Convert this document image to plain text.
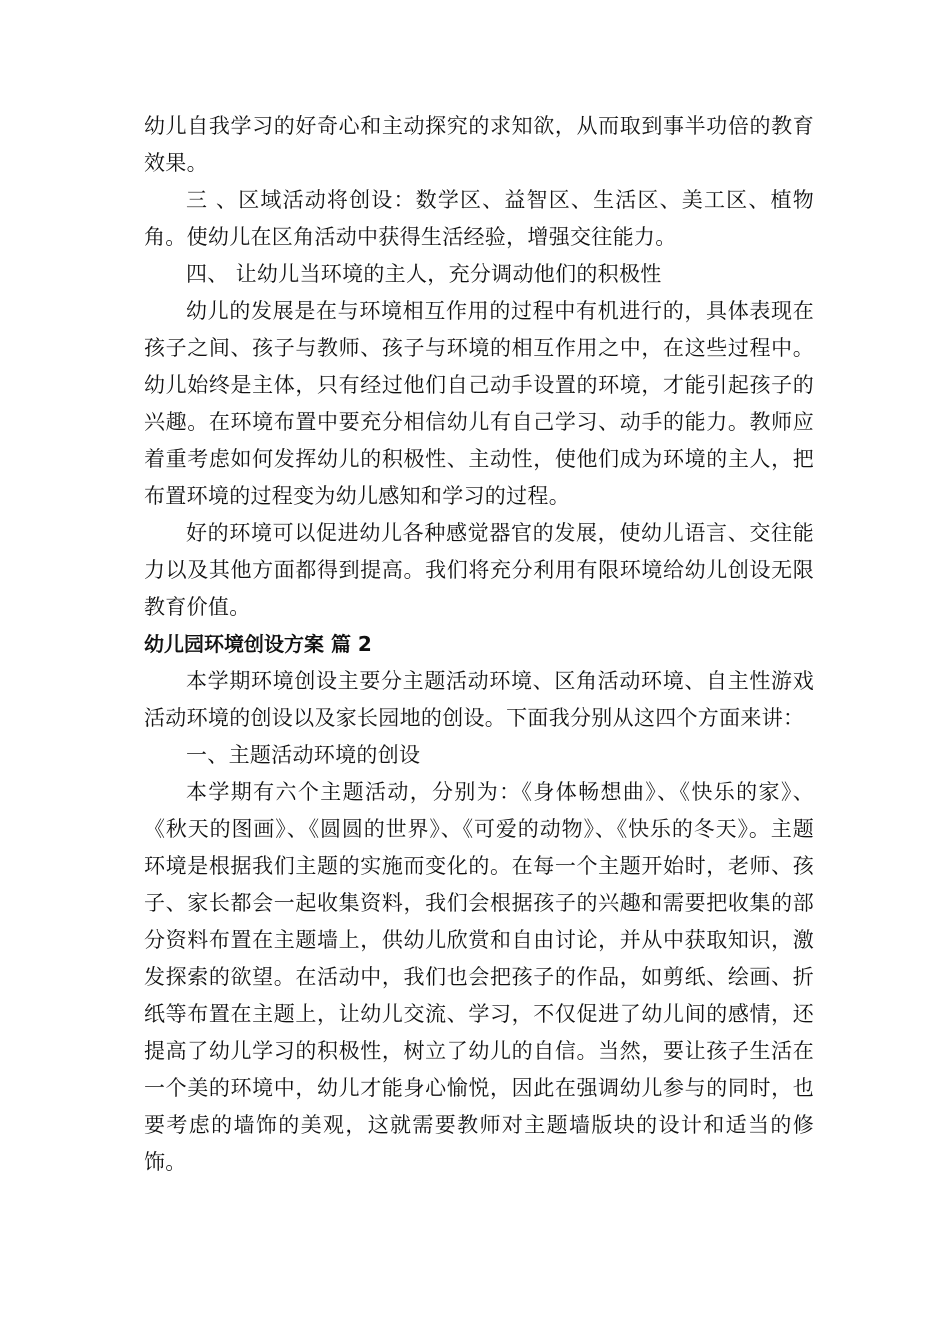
幼儿自我学习的好奇心和主动探究的求知欲，从而取到事半功倍的教育效果。

三 、区域活动将创设：数学区、益智区、生活区、美工区、植物角。使幼儿在区角活动中获得生活经验，增强交往能力。

四、 让幼儿当环境的主人，充分调动他们的积极性

幼儿的发展是在与环境相互作用的过程中有机进行的，具体表现在孩子之间、孩子与教师、孩子与环境的相互作用之中，在这些过程中。幼儿始终是主体，只有经过他们自己动手设置的环境，才能引起孩子的兴趣。在环境布置中要充分相信幼儿有自己学习、动手的能力。教师应着重考虑如何发挥幼儿的积极性、主动性，使他们成为环境的主人，把布置环境的过程变为幼儿感知和学习的过程。

好的环境可以促进幼儿各种感觉器官的发展，使幼儿语言、交往能力以及其他方面都得到提高。我们将充分利用有限环境给幼儿创设无限教育价值。

幼儿园环境创设方案 篇 2

本学期环境创设主要分主题活动环境、区角活动环境、自主性游戏活动环境的创设以及家长园地的创设。下面我分别从这四个方面来讲：

一、主题活动环境的创设

本学期有六个主题活动，分别为：《身体畅想曲》、《快乐的家》、《秋天的图画》、《圆圆的世界》、《可爱的动物》、《快乐的冬天》。主题环境是根据我们主题的实施而变化的。在每一个主题开始时，老师、孩子、家长都会一起收集资料，我们会根据孩子的兴趣和需要把收集的部分资料布置在主题墙上，供幼儿欣赏和自由讨论，并从中获取知识，激发探索的欲望。在活动中，我们也会把孩子的作品，如剪纸、绘画、折纸等布置在主题上，让幼儿交流、学习，不仅促进了幼儿间的感情，还提高了幼儿学习的积极性，树立了幼儿的自信。当然，要让孩子生活在一个美的环境中，幼儿才能身心愉悦，因此在强调幼儿参与的同时，也要考虑的墙饰的美观，这就需要教师对主题墙版块的设计和适当的修饰。
